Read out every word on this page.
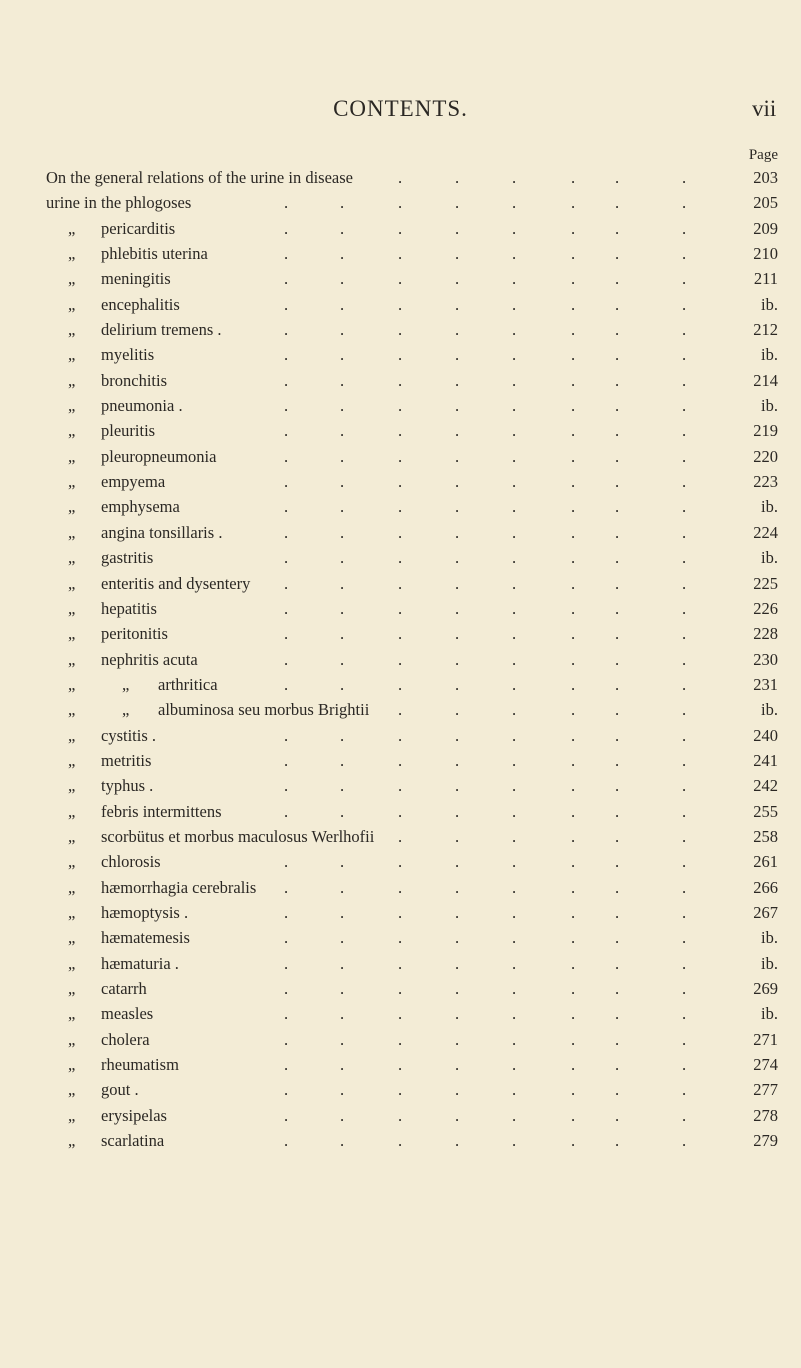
CONTENTS.	vii
Page
On the general relations of the urine in disease	.	.	.	. .	.	203
urine in the phlogoses	.	.	.	.	.	. .	.	205
„	pericarditis	.	.	.	.	.	. .	.	209
„	phlebitis uterina	.	.	.	.	.	. .	.	210
„	meningitis	.	.	.	.	.	. .	.	211
„	encephalitis	.	.	.	.	.	. .	.	ib.
„	delirium tremens .	.	.	.	.	.	. .	.	212
„	myelitis	.	.	.	.	.	. .	.	ib.
„	bronchitis	.	.	.	.	.	. .	.	214
„	pneumonia .	.	.	.	.	.	. .	.	ib.
„	pleuritis	.	.	.	.	.	. .	.	219
„	pleuropneumonia	.	.	.	.	.	. .	.	220
„	empyema	.	.	.	.	.	. .	.	223
„	emphysema	.	.	.	.	.	. .	.	ib.
„	angina tonsillaris .	.	.	.	.	.	. .	.	224
„	gastritis	.	.	.	.	.	. .	.	ib.
„	enteritis and dysentery .	.	.	.	.	. .	.	225
„	hepatitis	.	.	.	.	.	. .	.	226
„	peritonitis	.	.	.	.	.	. .	.	228
„	nephritis acuta	.	.	.	.	.	. .	.	230
„	„ arthritica	.	.	.	.	.	. .	.	231
„	„ albuminosa seu morbus Brightii .	.	.	. .	.	ib.
„	cystitis .	.	.	.	.	.	. .	.	240
„	metritis	.	.	.	.	.	. .	.	241
„	typhus .	.	.	.	.	.	. .	.	242
„	febris intermittens	.	.	.	.	.	. .	.	255
„	scorbütus et morbus maculosus Werlhofii .	.	.	. .	.	258
„	chlorosis	.	.	.	.	.	. .	.	261
„	hæmorrhagia cerebralis .	.	.	.	.	. .	.	266
„	hæmoptysis .	.	.	.	.	.	. .	.	267
„	hæmatemesis	.	.	.	.	.	. .	.	ib.
„	hæmaturia .	.	.	.	.	.	. .	.	ib.
„	catarrh	.	.	.	.	.	. .	.	269
„	measles	.	.	.	.	.	. .	.	ib.
„	cholera	.	.	.	.	.	. .	.	271
„	rheumatism	.	.	.	.	.	. .	.	274
„	gout .	.	.	.	.	.	. .	.	277
„	erysipelas	.	.	.	.	.	. .	.	278
„	scarlatina	.	.	.	.	.	. .	.	279
